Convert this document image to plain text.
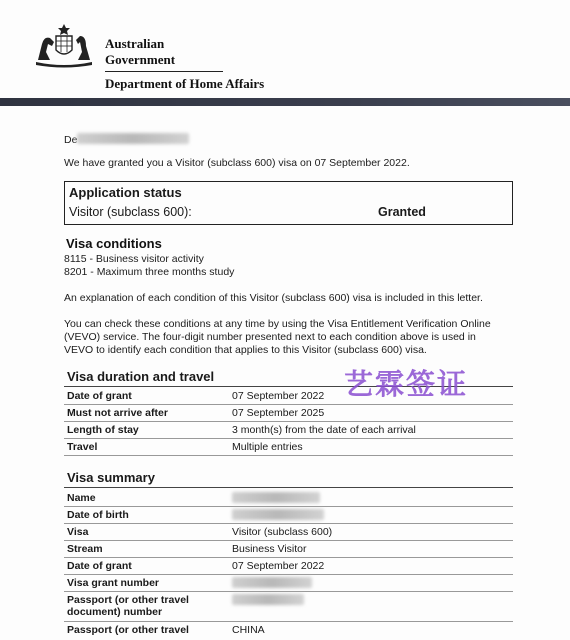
Australian Government
Department of Home Affairs
De
We have granted you a Visitor (subclass 600) visa on 07 September 2022.
Application status
Visitor (subclass 600):	Granted
Visa conditions
8115 - Business visitor activity
8201 - Maximum three months study
An explanation of each condition of this Visitor (subclass 600) visa is included in this letter.
You can check these conditions at any time by using the Visa Entitlement Verification Online
(VEVO) service. The four-digit number presented next to each condition above is used in
VEVO to identify each condition that applies to this Visitor (subclass 600) visa.
Visa duration and travel
Date of grant	07 September 2022
Must not arrive after	07 September 2025
Length of stay	3 month(s) from the date of each arrival
Travel	Multiple entries
Visa summary
Name
Date of birth
Visa	Visitor (subclass 600)
Stream	Business Visitor
Date of grant	07 September 2022
Visa grant number
Passport (or other travel document) number
Passport (or other travel	CHINA
艺霖签证
